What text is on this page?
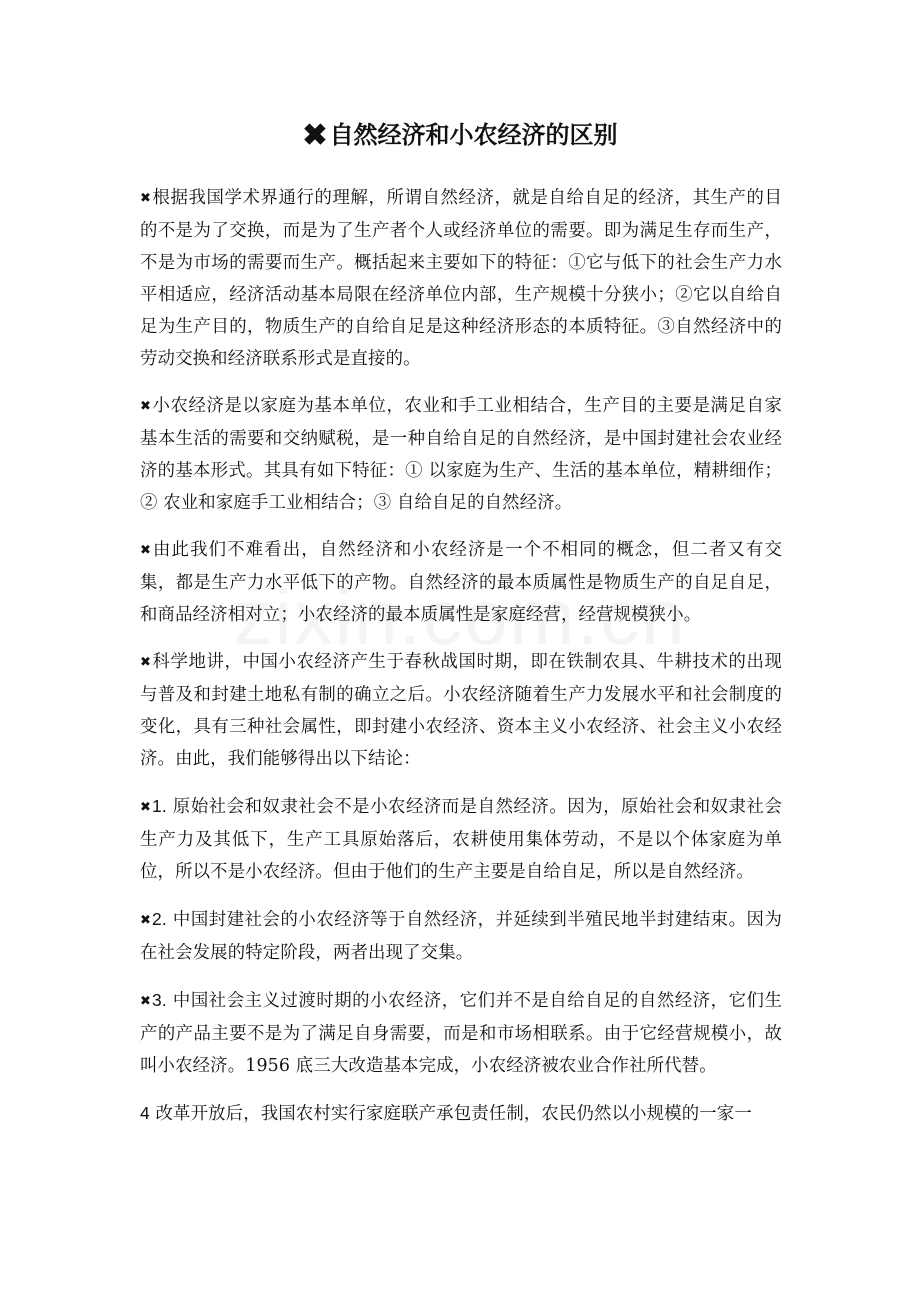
✖自然经济和小农经济的区别

✖根据我国学术界通行的理解，所谓自然经济，就是自给自足的经济，其生产的目的不是为了交换，而是为了生产者个人或经济单位的需要。即为满足生存而生产，不是为市场的需要而生产。概括起来主要如下的特征：①它与低下的社会生产力水平相适应，经济活动基本局限在经济单位内部，生产规模十分狭小；②它以自给自足为生产目的，物质生产的自给自足是这种经济形态的本质特征。③自然经济中的劳动交换和经济联系形式是直接的。

✖小农经济是以家庭为基本单位，农业和手工业相结合，生产目的主要是满足自家基本生活的需要和交纳赋税，是一种自给自足的自然经济，是中国封建社会农业经济的基本形式。其具有如下特征：① 以家庭为生产、生活的基本单位，精耕细作；② 农业和家庭手工业相结合；③ 自给自足的自然经济。

✖由此我们不难看出，自然经济和小农经济是一个不相同的概念，但二者又有交集，都是生产力水平低下的产物。自然经济的最本质属性是物质生产的自足自足，和商品经济相对立；小农经济的最本质属性是家庭经营，经营规模狭小。

✖科学地讲，中国小农经济产生于春秋战国时期，即在铁制农具、牛耕技术的出现与普及和封建土地私有制的确立之后。小农经济随着生产力发展水平和社会制度的变化，具有三种社会属性，即封建小农经济、资本主义小农经济、社会主义小农经济。由此，我们能够得出以下结论：

✖1. 原始社会和奴隶社会不是小农经济而是自然经济。因为，原始社会和奴隶社会生产力及其低下，生产工具原始落后，农耕使用集体劳动，不是以个体家庭为单位，所以不是小农经济。但由于他们的生产主要是自给自足，所以是自然经济。

✖2. 中国封建社会的小农经济等于自然经济，并延续到半殖民地半封建结束。因为在社会发展的特定阶段，两者出现了交集。

✖3. 中国社会主义过渡时期的小农经济，它们并不是自给自足的自然经济，它们生产的产品主要不是为了满足自身需要，而是和市场相联系。由于它经营规模小，故叫小农经济。1956 底三大改造基本完成，小农经济被农业合作社所代替。

4 改革开放后，我国农村实行家庭联产承包责任制，农民仍然以小规模的一家一
